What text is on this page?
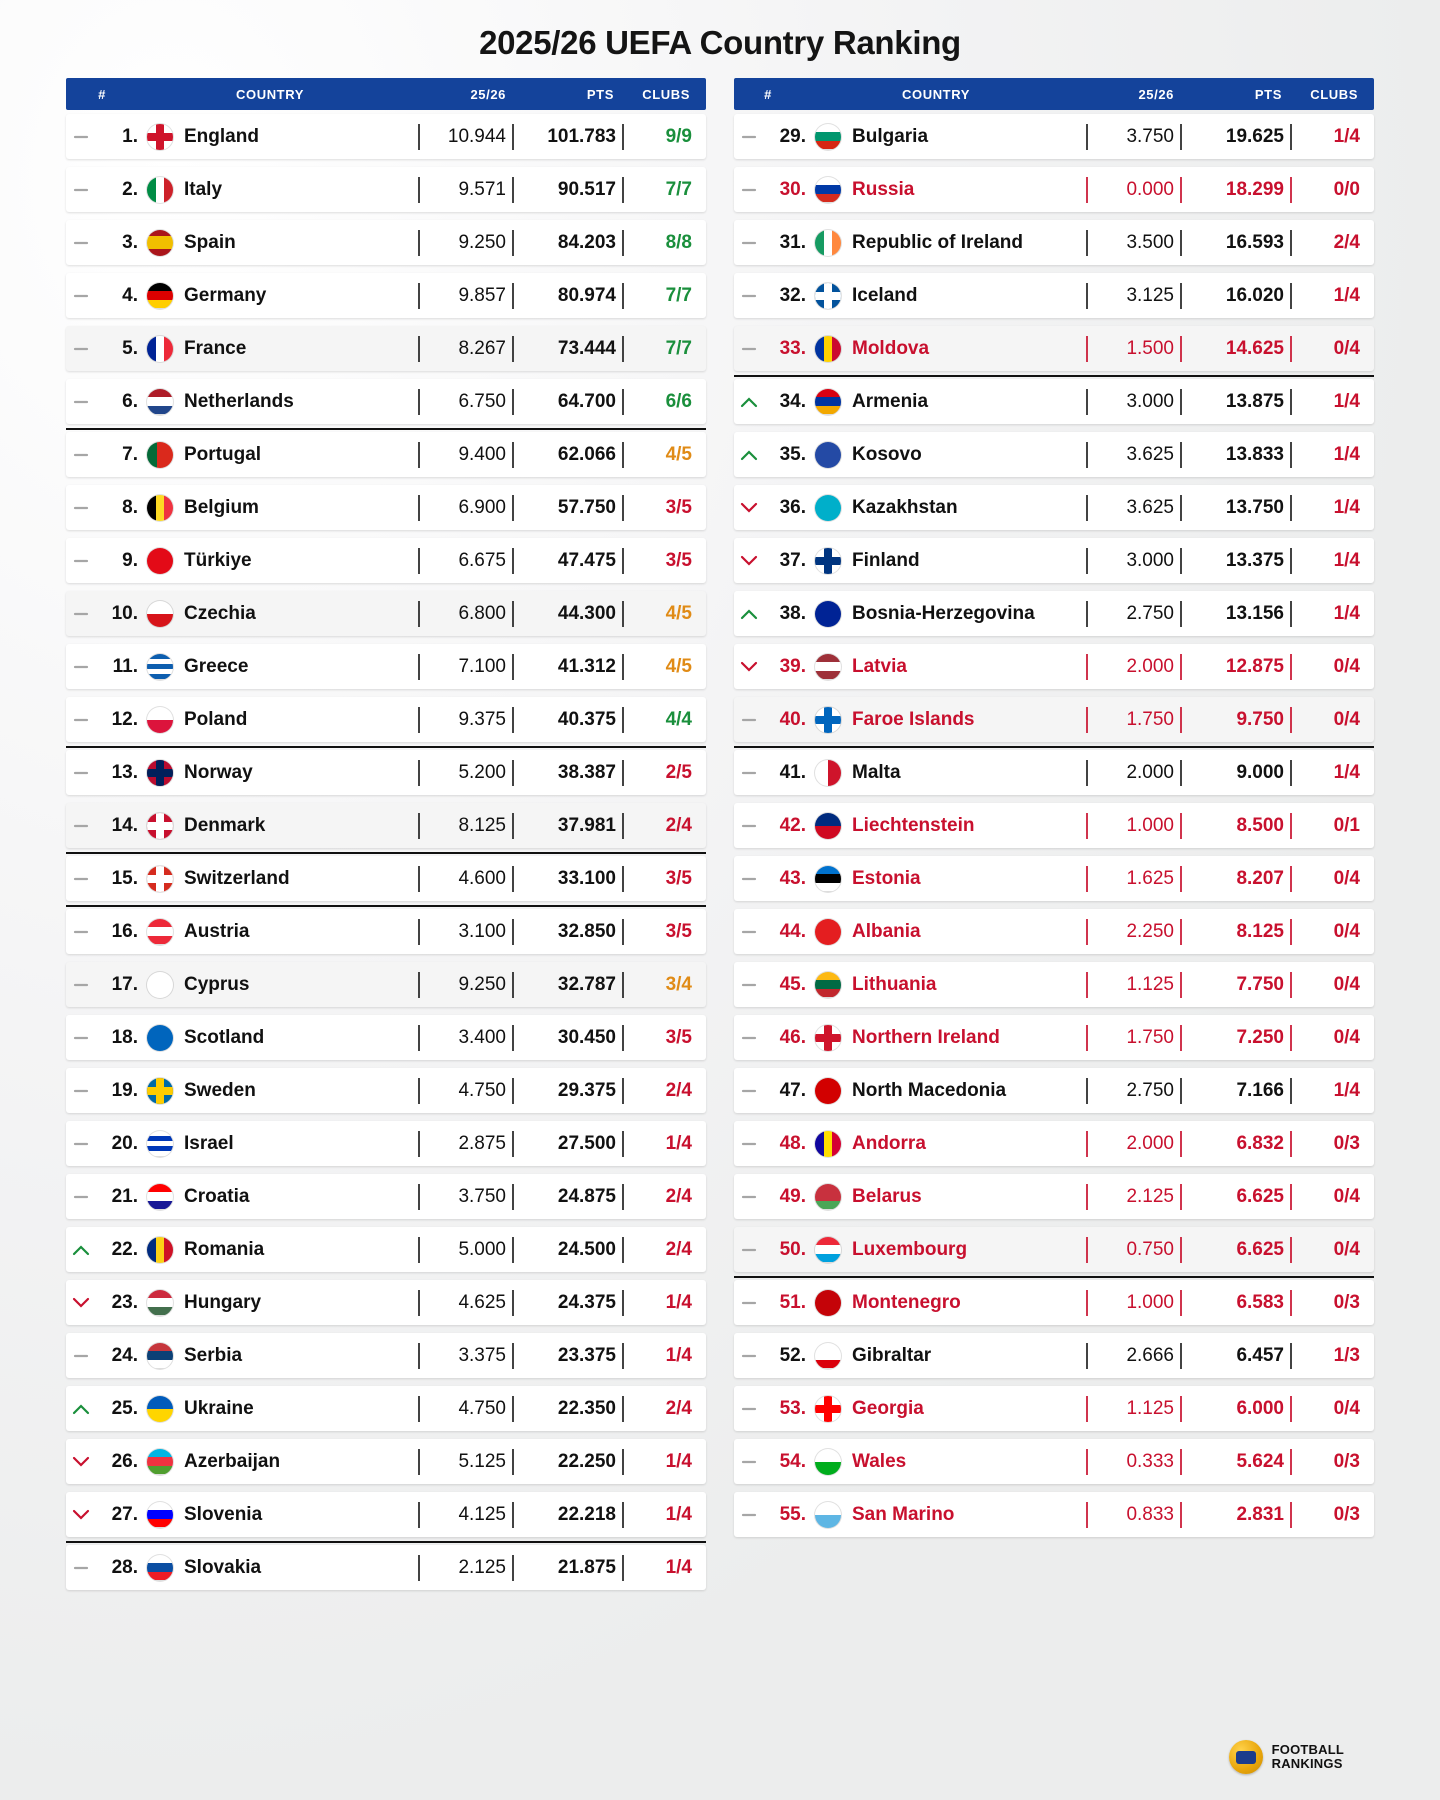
2025/26 UEFA Country Ranking
#	COUNTRY	25/26	PTS	CLUBS
1. England	10.944	101.783	9/9
2. Italy	9.571	90.517	7/7
3. Spain	9.250	84.203	8/8
4. Germany	9.857	80.974	7/7
5. France	8.267	73.444	7/7
6. Netherlands	6.750	64.700	6/6
7. Portugal	9.400	62.066	4/5
8. Belgium	6.900	57.750	3/5
9. Türkiye	6.675	47.475	3/5
10. Czechia	6.800	44.300	4/5
11. Greece	7.100	41.312	4/5
12. Poland	9.375	40.375	4/4
13. Norway	5.200	38.387	2/5
14. Denmark	8.125	37.981	2/4
15. Switzerland	4.600	33.100	3/5
16. Austria	3.100	32.850	3/5
17. Cyprus	9.250	32.787	3/4
18. Scotland	3.400	30.450	3/5
19. Sweden	4.750	29.375	2/4
20. Israel	2.875	27.500	1/4
21. Croatia	3.750	24.875	2/4
22. Romania	5.000	24.500	2/4
23. Hungary	4.625	24.375	1/4
24. Serbia	3.375	23.375	1/4
25. Ukraine	4.750	22.350	2/4
26. Azerbaijan	5.125	22.250	1/4
27. Slovenia	4.125	22.218	1/4
28. Slovakia	2.125	21.875	1/4
#	COUNTRY	25/26	PTS	CLUBS
29. Bulgaria	3.750	19.625	1/4
30. Russia	0.000	18.299	0/0
31. Republic of Ireland	3.500	16.593	2/4
32. Iceland	3.125	16.020	1/4
33. Moldova	1.500	14.625	0/4
34. Armenia	3.000	13.875	1/4
35. Kosovo	3.625	13.833	1/4
36. Kazakhstan	3.625	13.750	1/4
37. Finland	3.000	13.375	1/4
38. Bosnia-Herzegovina	2.750	13.156	1/4
39. Latvia	2.000	12.875	0/4
40. Faroe Islands	1.750	9.750	0/4
41. Malta	2.000	9.000	1/4
42. Liechtenstein	1.000	8.500	0/1
43. Estonia	1.625	8.207	0/4
44. Albania	2.250	8.125	0/4
45. Lithuania	1.125	7.750	0/4
46. Northern Ireland	1.750	7.250	0/4
47. North Macedonia	2.750	7.166	1/4
48. Andorra	2.000	6.832	0/3
49. Belarus	2.125	6.625	0/4
50. Luxembourg	0.750	6.625	0/4
51. Montenegro	1.000	6.583	0/3
52. Gibraltar	2.666	6.457	1/3
53. Georgia	1.125	6.000	0/4
54. Wales	0.333	5.624	0/3
55. San Marino	0.833	2.831	0/3
FOOTBALL
RANKINGS
